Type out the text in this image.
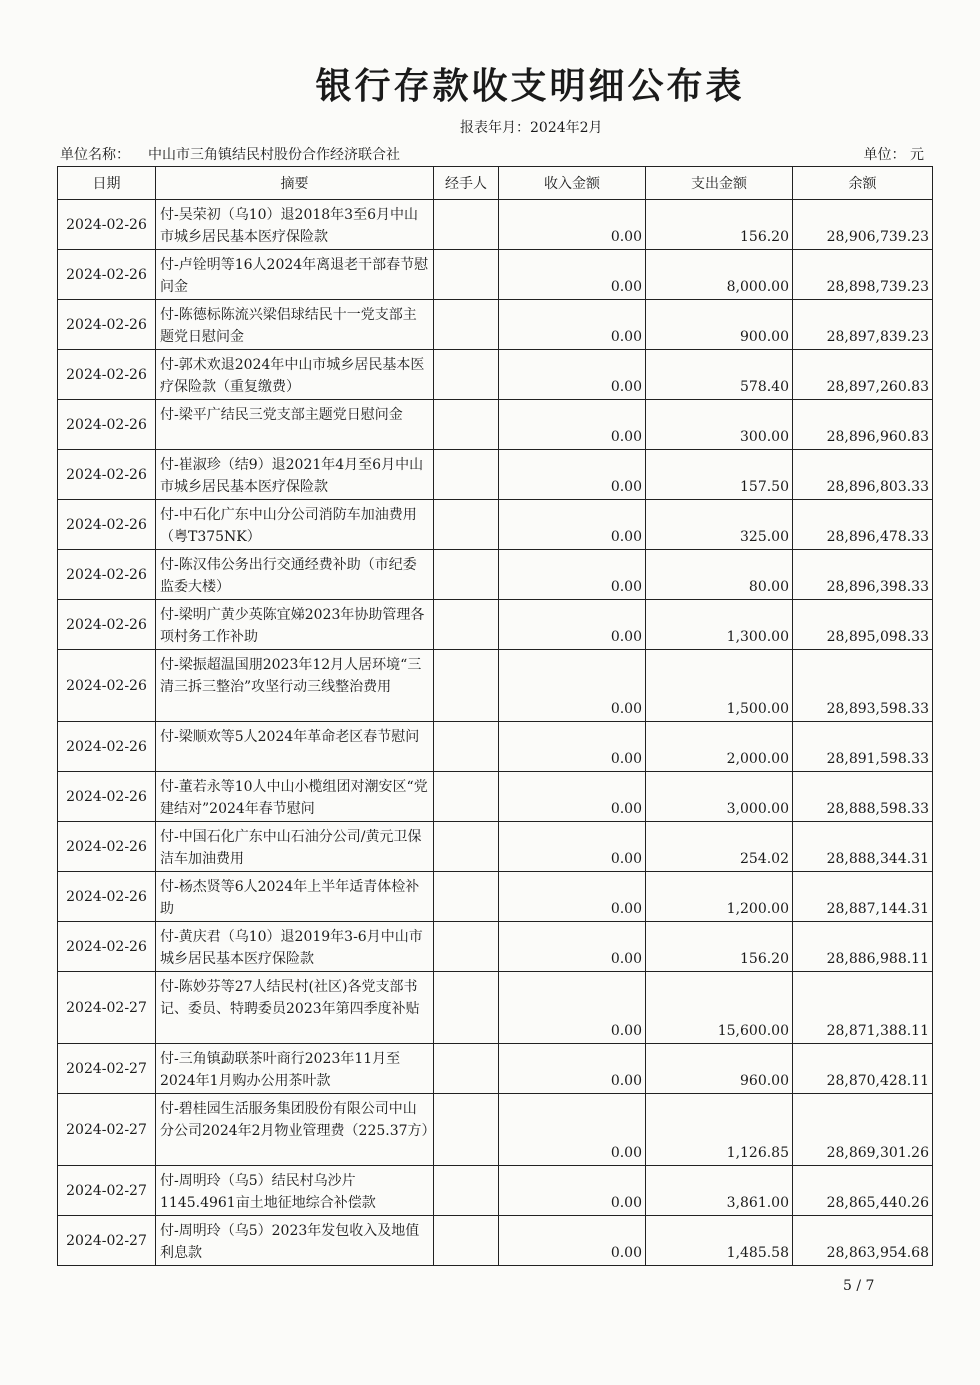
银行存款收支明细公布表
报表年月：2024年2月
单位名称： 中山市三角镇结民村股份合作经济联合社	单位： 元
日期	摘要	经手人	收入金额	支出金额	余额
2024-02-26	付-吴荣初（乌10）退2018年3至6月中山市城乡居民基本医疗保险款		0.00	156.20	28,906,739.23
2024-02-26	付-卢铨明等16人2024年离退老干部春节慰问金		0.00	8,000.00	28,898,739.23
2024-02-26	付-陈德标陈流兴梁侣球结民十一党支部主题党日慰问金		0.00	900.00	28,897,839.23
2024-02-26	付-郭术欢退2024年中山市城乡居民基本医疗保险款（重复缴费）		0.00	578.40	28,897,260.83
2024-02-26	付-梁平广结民三党支部主题党日慰问金		0.00	300.00	28,896,960.83
2024-02-26	付-崔淑珍（结9）退2021年4月至6月中山市城乡居民基本医疗保险款		0.00	157.50	28,896,803.33
2024-02-26	付-中石化广东中山分公司消防车加油费用（粤T375NK）		0.00	325.00	28,896,478.33
2024-02-26	付-陈汉伟公务出行交通经费补助（市纪委监委大楼）		0.00	80.00	28,896,398.33
2024-02-26	付-梁明广黄少英陈宜娣2023年协助管理各项村务工作补助		0.00	1,300.00	28,895,098.33
2024-02-26	付-梁振超温国朋2023年12月人居环境“三清三拆三整治”攻坚行动三线整治费用		0.00	1,500.00	28,893,598.33
2024-02-26	付-梁顺欢等5人2024年革命老区春节慰问		0.00	2,000.00	28,891,598.33
2024-02-26	付-董若永等10人中山小榄组团对潮安区“党建结对”2024年春节慰问		0.00	3,000.00	28,888,598.33
2024-02-26	付-中国石化广东中山石油分公司/黄元卫保洁车加油费用		0.00	254.02	28,888,344.31
2024-02-26	付-杨杰贤等6人2024年上半年适青体检补助		0.00	1,200.00	28,887,144.31
2024-02-26	付-黄庆君（乌10）退2019年3-6月中山市城乡居民基本医疗保险款		0.00	156.20	28,886,988.11
2024-02-27	付-陈妙芬等27人结民村(社区)各党支部书记、委员、特聘委员2023年第四季度补贴		0.00	15,600.00	28,871,388.11
2024-02-27	付-三角镇勐联茶叶商行2023年11月至2024年1月购办公用茶叶款		0.00	960.00	28,870,428.11
2024-02-27	付-碧桂园生活服务集团股份有限公司中山分公司2024年2月物业管理费（225.37方）		0.00	1,126.85	28,869,301.26
2024-02-27	付-周明玲（乌5）结民村乌沙片1145.4961亩土地征地综合补偿款		0.00	3,861.00	28,865,440.26
2024-02-27	付-周明玲（乌5）2023年发包收入及地值利息款		0.00	1,485.58	28,863,954.68
5 / 7
